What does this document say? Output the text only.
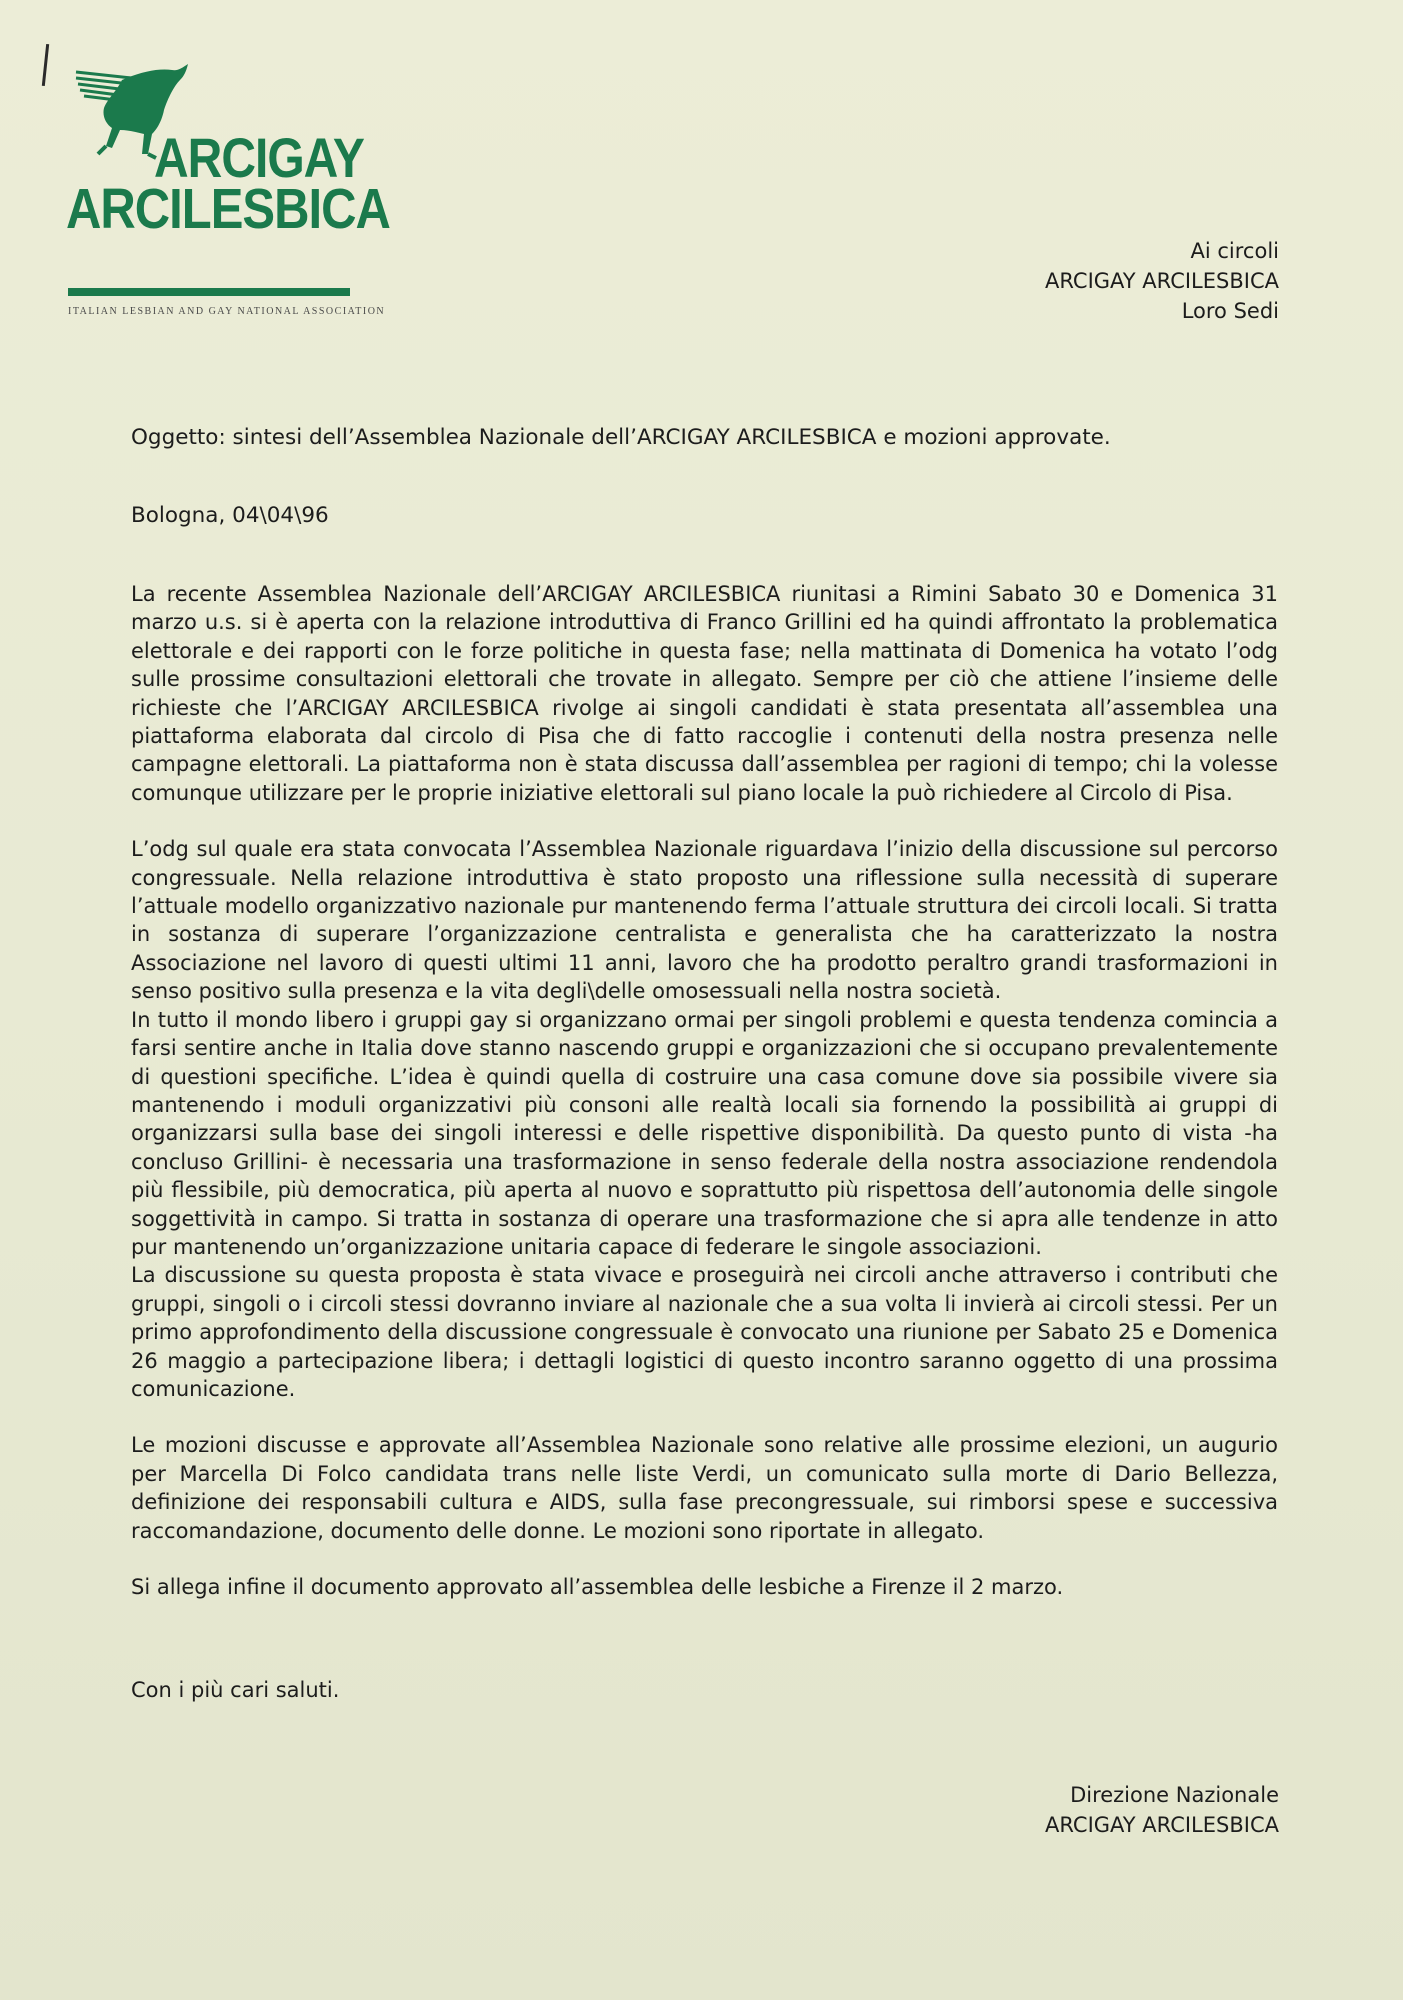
ARCIGAY
ARCILESBICA
ITALIAN LESBIAN AND GAY NATIONAL ASSOCIATION
Ai circoli
ARCIGAY ARCILESBICA
Loro Sedi
Oggetto: sintesi dell’Assemblea Nazionale dell’ARCIGAY ARCILESBICA e mozioni approvate.
Bologna, 04\04\96

La recente Assemblea Nazionale dell’ARCIGAY ARCILESBICA riunitasi a Rimini Sabato 30 e Domenica 31 marzo u.s. si è aperta con la relazione introduttiva di Franco Grillini ed ha quindi affrontato la problematica elettorale e dei rapporti con le forze politiche in questa fase; nella mattinata di Domenica ha votato l’odg sulle prossime consultazioni elettorali che trovate in allegato. Sempre per ciò che attiene l’insieme delle richieste che l’ARCIGAY ARCILESBICA rivolge ai singoli candidati è stata presentata all’assemblea una piattaforma elaborata dal circolo di Pisa che di fatto raccoglie i contenuti della nostra presenza nelle campagne elettorali. La piattaforma non è stata discussa dall’assemblea per ragioni di tempo; chi la volesse comunque utilizzare per le proprie iniziative elettorali sul piano locale la può richiedere al Circolo di Pisa.

L’odg sul quale era stata convocata l’Assemblea Nazionale riguardava l’inizio della discussione sul percorso congressuale. Nella relazione introduttiva è stato proposto una riflessione sulla necessità di superare l’attuale modello organizzativo nazionale pur mantenendo ferma l’attuale struttura dei circoli locali. Si tratta in sostanza di superare l’organizzazione centralista e generalista che ha caratterizzato la nostra Associazione nel lavoro di questi ultimi 11 anni, lavoro che ha prodotto peraltro grandi trasformazioni in senso positivo sulla presenza e la vita degli\delle omosessuali nella nostra società.

In tutto il mondo libero i gruppi gay si organizzano ormai per singoli problemi e questa tendenza comincia a farsi sentire anche in Italia dove stanno nascendo gruppi e organizzazioni che si occupano prevalentemente di questioni specifiche. L’idea è quindi quella di costruire una casa comune dove sia possibile vivere sia mantenendo i moduli organizzativi più consoni alle realtà locali sia fornendo la possibilità ai gruppi di organizzarsi sulla base dei singoli interessi e delle rispettive disponibilità. Da questo punto di vista -ha concluso Grillini- è necessaria una trasformazione in senso federale della nostra associazione rendendola più flessibile, più democratica, più aperta al nuovo e soprattutto più rispettosa dell’autonomia delle singole soggettività in campo. Si tratta in sostanza di operare una trasformazione che si apra alle tendenze in atto pur mantenendo un’organizzazione unitaria capace di federare le singole associazioni.

La discussione su questa proposta è stata vivace e proseguirà nei circoli anche attraverso i contributi che gruppi, singoli o i circoli stessi dovranno inviare al nazionale che a sua volta li invierà ai circoli stessi. Per un primo approfondimento della discussione congressuale è convocato una riunione per Sabato 25 e Domenica 26 maggio a partecipazione libera; i dettagli logistici di questo incontro saranno oggetto di una prossima comunicazione.

Le mozioni discusse e approvate all’Assemblea Nazionale sono relative alle prossime elezioni, un augurio per Marcella Di Folco candidata trans nelle liste Verdi, un comunicato sulla morte di Dario Bellezza, definizione dei responsabili cultura e AIDS, sulla fase precongressuale, sui rimborsi spese e successiva raccomandazione, documento delle donne. Le mozioni sono riportate in allegato.

Si allega infine il documento approvato all’assemblea delle lesbiche a Firenze il 2 marzo.

Con i più cari saluti.
Direzione Nazionale
ARCIGAY ARCILESBICA
